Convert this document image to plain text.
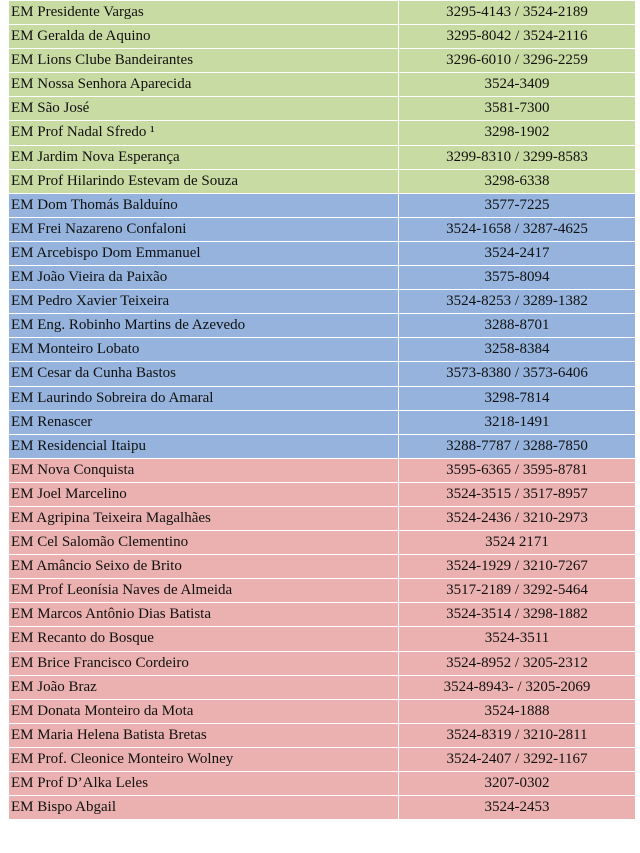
EM Presidente Vargas	3295-4143 / 3524-2189
EM Geralda de Aquino	3295-8042 / 3524-2116
EM Lions Clube Bandeirantes	3296-6010 / 3296-2259
EM Nossa Senhora Aparecida	3524-3409
EM São José	3581-7300
EM Prof Nadal Sfredo ¹	3298-1902
EM Jardim Nova Esperança	3299-8310 / 3299-8583
EM Prof Hilarindo Estevam de Souza	3298-6338
EM Dom Thomás Balduíno	3577-7225
EM Frei Nazareno Confaloni	3524-1658 / 3287-4625
EM Arcebispo Dom Emmanuel	3524-2417
EM João Vieira da Paixão	3575-8094
EM Pedro Xavier Teixeira	3524-8253 / 3289-1382
EM Eng. Robinho Martins de Azevedo	3288-8701
EM Monteiro Lobato	3258-8384
EM Cesar da Cunha Bastos	3573-8380 / 3573-6406
EM Laurindo Sobreira do Amaral	3298-7814
EM Renascer	3218-1491
EM Residencial Itaipu	3288-7787 / 3288-7850
EM Nova Conquista	3595-6365 / 3595-8781
EM Joel Marcelino	3524-3515 / 3517-8957
EM Agripina Teixeira Magalhães	3524-2436 / 3210-2973
EM Cel Salomão Clementino	3524 2171
EM Amâncio Seixo de Brito	3524-1929 / 3210-7267
EM Prof Leonísia Naves de Almeida	3517-2189 / 3292-5464
EM Marcos Antônio Dias Batista	3524-3514 / 3298-1882
EM Recanto do Bosque	3524-3511
EM Brice Francisco Cordeiro	3524-8952 / 3205-2312
EM João Braz	3524-8943- / 3205-2069
EM Donata Monteiro da Mota	3524-1888
EM Maria Helena Batista Bretas	3524-8319 / 3210-2811
EM Prof. Cleonice Monteiro Wolney	3524-2407 / 3292-1167
EM Prof D’Alka Leles	3207-0302
EM Bispo Abgail	3524-2453
